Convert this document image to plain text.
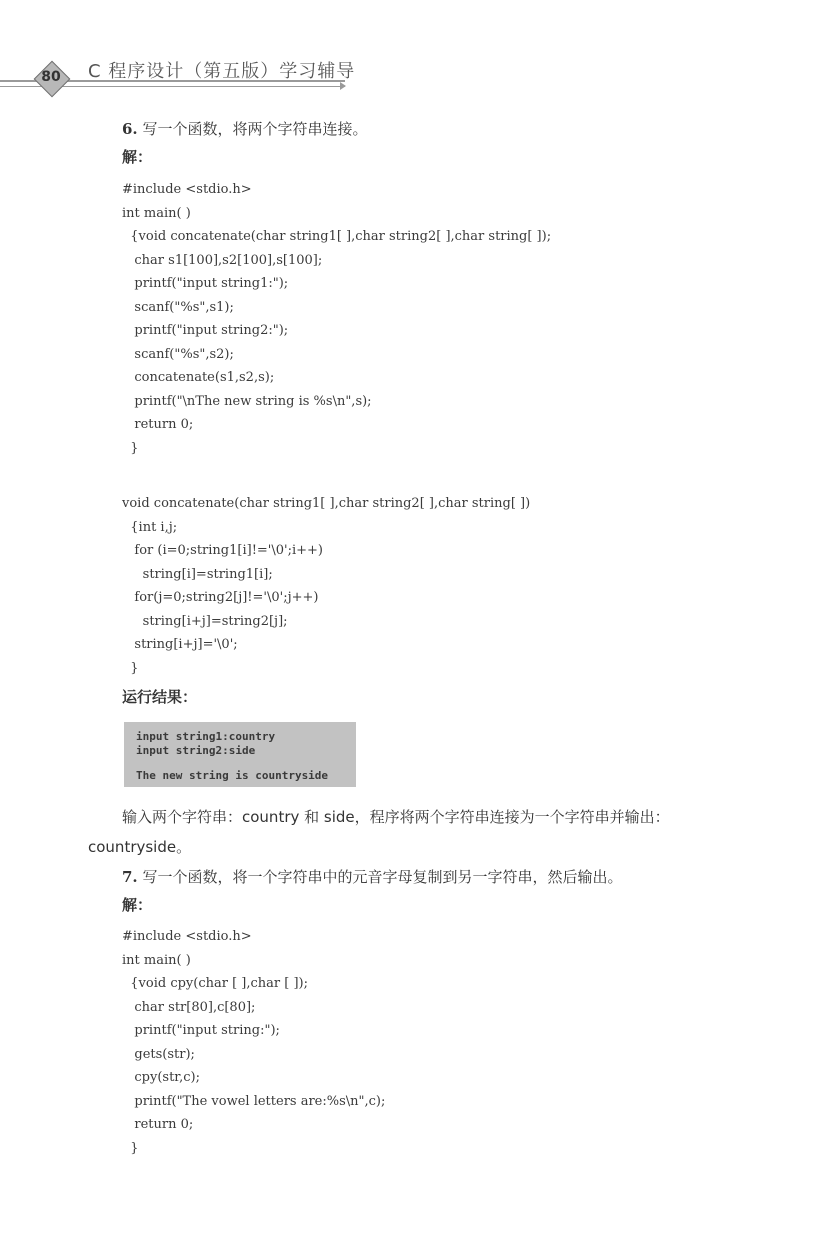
80	C 程序设计（第五版）学习辅导
6. 写一个函数，将两个字符串连接。
解：
#include <stdio.h>
int main( )
{void concatenate(char string1[ ],char string2[ ],char string[ ]);
char s1[100],s2[100],s[100];
printf("input string1:");
scanf("%s",s1);
printf("input string2:");
scanf("%s",s2);
concatenate(s1,s2,s);
printf("\nThe new string is %s\n",s);
return 0;
}
void concatenate(char string1[ ],char string2[ ],char string[ ])
{int i,j;
for (i=0;string1[i]!='\0';i++)
string[i]=string1[i];
for(j=0;string2[j]!='\0';j++)
string[i+j]=string2[j];
string[i+j]='\0';
}
运行结果：
input string1:country
input string2:side
The new string is countryside
输入两个字符串：country 和 side，程序将两个字符串连接为一个字符串并输出：
countryside。
7. 写一个函数，将一个字符串中的元音字母复制到另一字符串，然后输出。
解：
#include <stdio.h>
int main( )
{void cpy(char [ ],char [ ]);
char str[80],c[80];
printf("input string:");
gets(str);
cpy(str,c);
printf("The vowel letters are:%s\n",c);
return 0;
}
